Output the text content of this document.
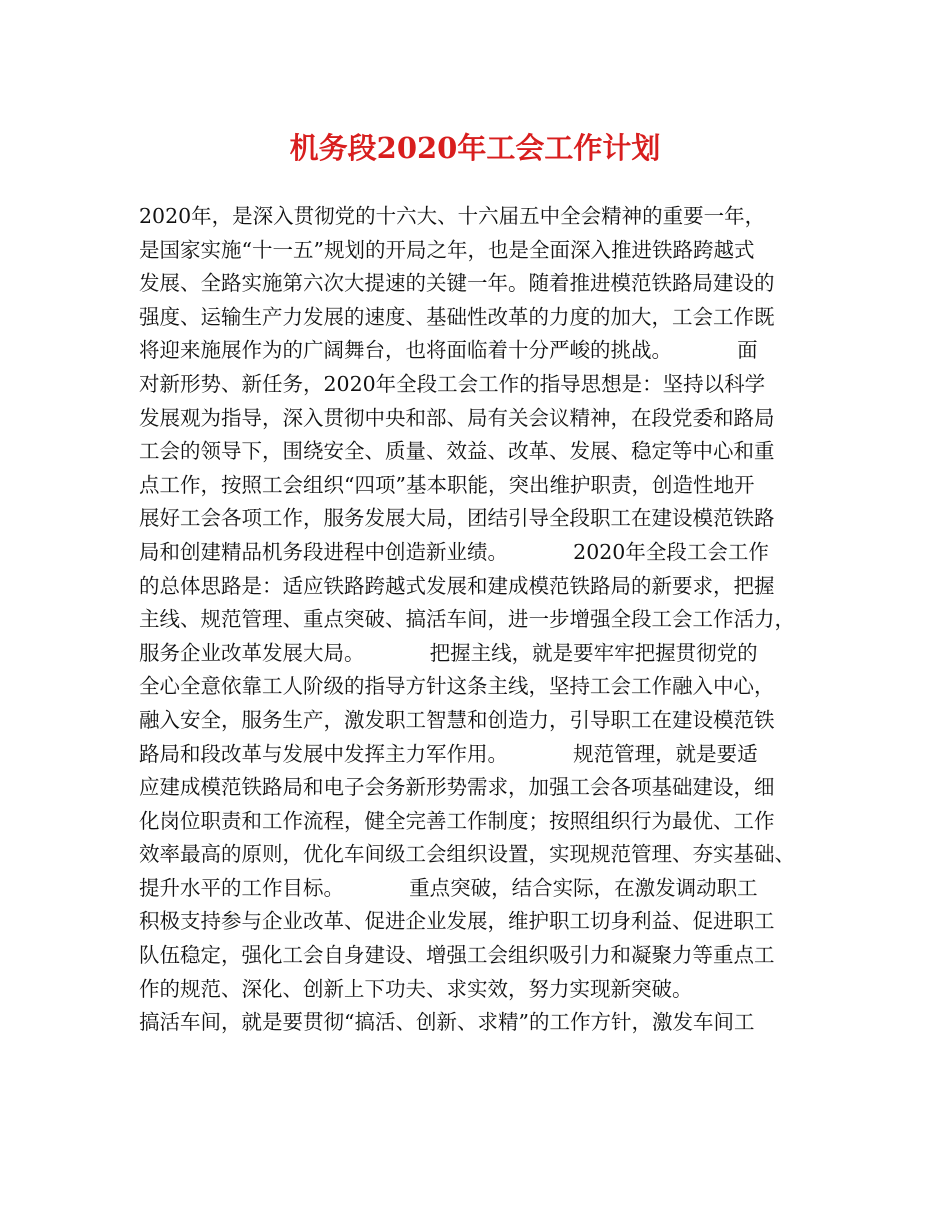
机务段2020年工会工作计划
2020年，是深入贯彻党的十六大、十六届五中全会精神的重要一年，
是国家实施“十一五”规划的开局之年，也是全面深入推进铁路跨越式
发展、全路实施第六次大提速的关键一年。随着推进模范铁路局建设的
强度、运输生产力发展的速度、基础性改革的力度的加大，工会工作既
将迎来施展作为的广阔舞台，也将面临着十分严峻的挑战。          面
对新形势、新任务，2020年全段工会工作的指导思想是：坚持以科学
发展观为指导，深入贯彻中央和部、局有关会议精神，在段党委和路局
工会的领导下，围绕安全、质量、效益、改革、发展、稳定等中心和重
点工作，按照工会组织“四项”基本职能，突出维护职责，创造性地开
展好工会各项工作，服务发展大局，团结引导全段职工在建设模范铁路
局和创建精品机务段进程中创造新业绩。          2020年全段工会工作
的总体思路是：适应铁路跨越式发展和建成模范铁路局的新要求，把握
主线、规范管理、重点突破、搞活车间，进一步增强全段工会工作活力，
服务企业改革发展大局。          把握主线，就是要牢牢把握贯彻党的
全心全意依靠工人阶级的指导方针这条主线，坚持工会工作融入中心，
融入安全，服务生产，激发职工智慧和创造力，引导职工在建设模范铁
路局和段改革与发展中发挥主力军作用。          规范管理，就是要适
应建成模范铁路局和电子会务新形势需求，加强工会各项基础建设，细
化岗位职责和工作流程，健全完善工作制度；按照组织行为最优、工作
效率最高的原则，优化车间级工会组织设置，实现规范管理、夯实基础、
提升水平的工作目标。          重点突破，结合实际，在激发调动职工
积极支持参与企业改革、促进企业发展，维护职工切身利益、促进职工
队伍稳定，强化工会自身建设、增强工会组织吸引力和凝聚力等重点工
作的规范、深化、创新上下功夫、求实效，努力实现新突破。
搞活车间，就是要贯彻“搞活、创新、求精”的工作方针，激发车间工
